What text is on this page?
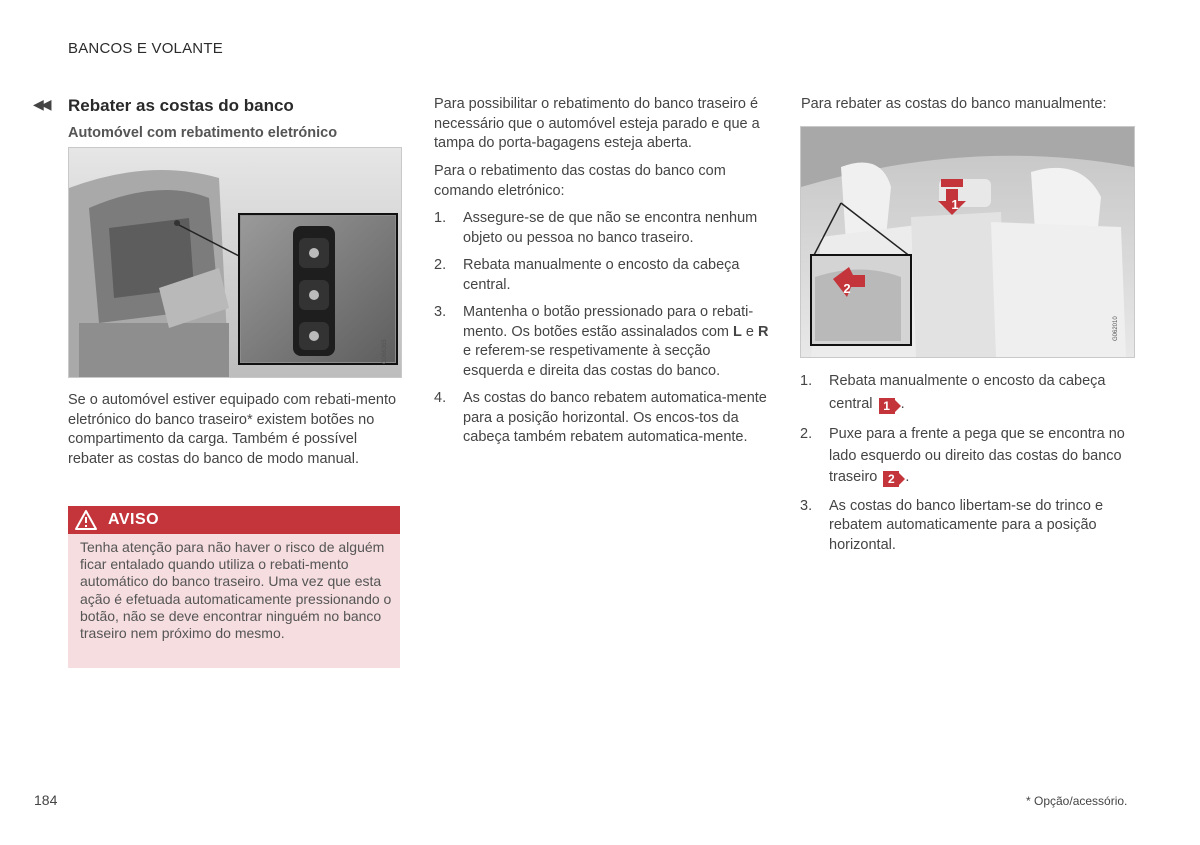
BANCOS E VOLANTE
◀◀ Rebater as costas do banco
Automóvel com rebatimento eletrónico
G066365

Se o automóvel estiver equipado com rebati-mento eletrónico do banco traseiro* existem botões no compartimento da carga. Também é possível rebater as costas do banco de modo manual.

AVISO

Tenha atenção para não haver o risco de alguém ficar entalado quando utiliza o rebati-mento automático do banco traseiro. Uma vez que esta ação é efetuada automaticamente pressionando o botão, não se deve encontrar ninguém no banco traseiro nem próximo do mesmo.

Para possibilitar o rebatimento do banco traseiro é necessário que o automóvel esteja parado e que a tampa do porta-bagagens esteja aberta.

Para o rebatimento das costas do banco com comando eletrónico:

1. Assegure-se de que não se encontra nenhum objeto ou pessoa no banco traseiro.
2. Rebata manualmente o encosto da cabeça central.
3. Mantenha o botão pressionado para o rebati-mento. Os botões estão assinalados com L e R e referem-se respetivamente à secção esquerda e direita das costas do banco.
4. As costas do banco rebatem automatica-mente para a posição horizontal. Os encos-tos da cabeça também rebatem automatica-mente.

Para rebater as costas do banco manualmente:

1
2
G062010
1. Rebata manualmente o encosto da cabeça central 1 .
2. Puxe para a frente a pega que se encontra no lado esquerdo ou direito das costas do banco traseiro 2 .
3. As costas do banco libertam-se do trinco e rebatem automaticamente para a posição horizontal.
184	* Opção/acessório.
